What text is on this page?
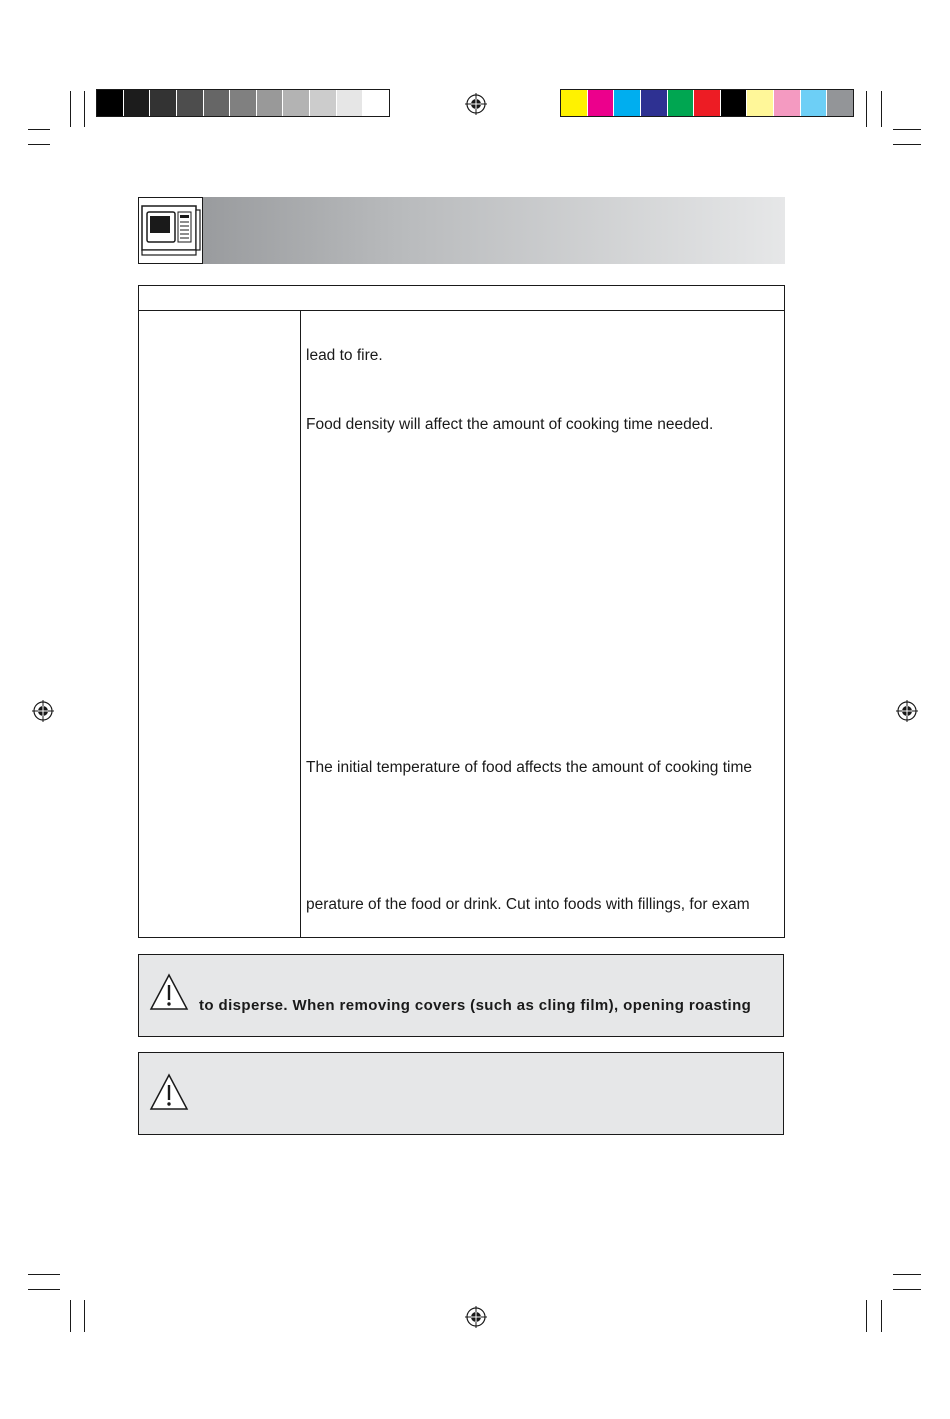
lead to fire.
Food density will affect the amount of cooking time needed.
The initial temperature of food affects the amount of cooking time
perature of the food or drink. Cut into foods with fillings, for exam
to disperse. When removing covers (such as cling film), opening roasting
